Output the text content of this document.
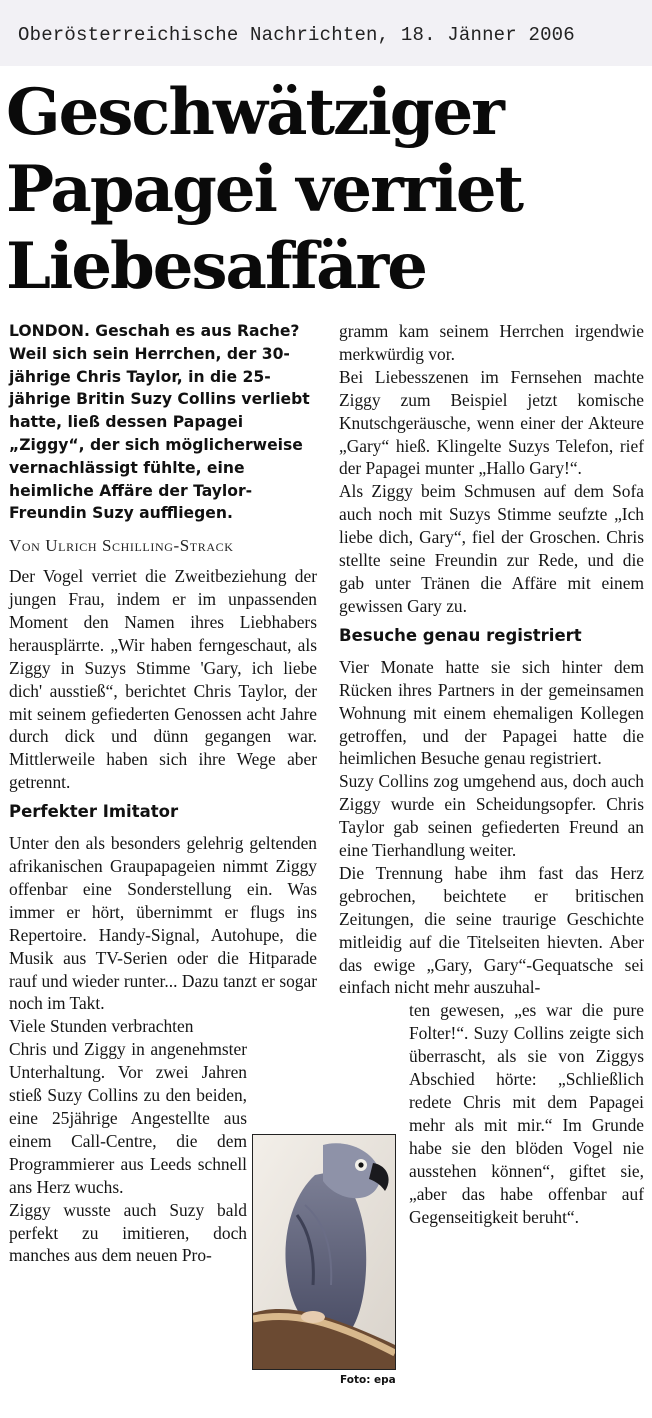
Oberösterreichische Nachrichten, 18. Jänner 2006
Geschwätziger Papagei verriet Liebesaffäre

LONDON. Geschah es aus Rache? Weil sich sein Herrchen, der 30-jährige Chris Taylor, in die 25-jährige Britin Suzy Collins verliebt hatte, ließ dessen Papagei „Ziggy“, der sich möglicherweise vernachlässigt fühlte, eine heimliche Affäre der Taylor-Freundin Suzy auffliegen.

Von Ulrich Schilling-Strack

Der Vogel verriet die Zweitbeziehung der jungen Frau, indem er im unpassenden Moment den Namen ihres Liebhabers herausplärrte. „Wir haben ferngeschaut, als Ziggy in Suzys Stimme 'Gary, ich liebe dich' ausstieß“, berichtet Chris Taylor, der mit seinem gefiederten Genossen acht Jahre durch dick und dünn gegangen war. Mittlerweile haben sich ihre Wege aber getrennt.

Perfekter Imitator

Unter den als besonders gelehrig geltenden afrikanischen Graupapageien nimmt Ziggy offenbar eine Sonderstellung ein. Was immer er hört, übernimmt er flugs ins Repertoire. Handy-Signal, Autohupe, die Musik aus TV-Serien oder die Hitparade rauf und wieder runter... Dazu tanzt er sogar noch im Takt.

Viele Stunden verbrachten

Chris und Ziggy in angenehmster Unterhaltung. Vor zwei Jahren stieß Suzy Collins zu den beiden, eine 25jährige Angestellte aus einem Call-Centre, die dem Programmierer aus Leeds schnell ans Herz wuchs.

Ziggy wusste auch Suzy bald perfekt zu imitieren, doch manches aus dem neuen Pro-

Foto: epa

gramm kam seinem Herrchen irgendwie merkwürdig vor.

Bei Liebesszenen im Fernsehen machte Ziggy zum Beispiel jetzt komische Knutschgeräusche, wenn einer der Akteure „Gary“ hieß. Klingelte Suzys Telefon, rief der Papagei munter „Hallo Gary!“.

Als Ziggy beim Schmusen auf dem Sofa auch noch mit Suzys Stimme seufzte „Ich liebe dich, Gary“, fiel der Groschen. Chris stellte seine Freundin zur Rede, und die gab unter Tränen die Affäre mit einem gewissen Gary zu.

Besuche genau registriert

Vier Monate hatte sie sich hinter dem Rücken ihres Partners in der gemeinsamen Wohnung mit einem ehemaligen Kollegen getroffen, und der Papagei hatte die heimlichen Besuche genau registriert.

Suzy Collins zog umgehend aus, doch auch Ziggy wurde ein Scheidungsopfer. Chris Taylor gab seinen gefiederten Freund an eine Tierhandlung weiter.

Die Trennung habe ihm fast das Herz gebrochen, beichtete er britischen Zeitungen, die seine traurige Geschichte mitleidig auf die Titelseiten hievten. Aber das ewige „Gary, Gary“-Gequatsche sei einfach nicht mehr auszuhal-

ten gewesen, „es war die pure Folter!“. Suzy Collins zeigte sich überrascht, als sie von Ziggys Abschied hörte: „Schließlich redete Chris mit dem Papagei mehr als mit mir.“ Im Grunde habe sie den blöden Vogel nie ausstehen können“, giftet sie, „aber das habe offenbar auf Gegenseitigkeit beruht“.
